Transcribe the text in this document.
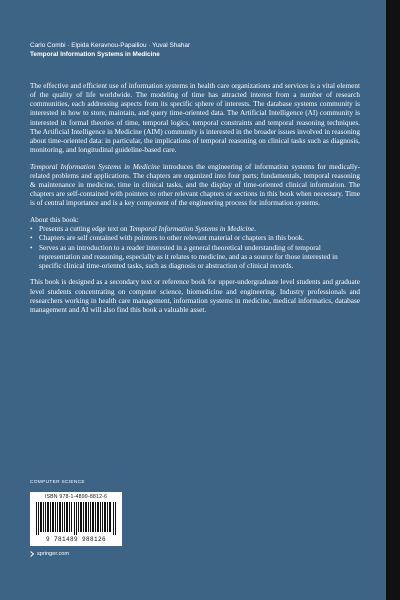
Carlo Combi · Elpida Keravnou-Papailiou · Yuval Shahar
Temporal Information Systems in Medicine

The effective and efficient use of information systems in health care organizations and services is a vital element of the quality of life worldwide. The modeling of time has attracted interest from a number of research communities, each addressing aspects from its specific sphere of interests. The database systems community is interested in how to store, maintain, and query time-oriented data. The Artificial Intelligence (AI) community is interested in formal theories of time, temporal logics, temporal constraints and temporal reasoning techniques. The Artificial Intelligence in Medicine (AIM) community is interested in the broader issues involved in reasoning about time-oriented data: in particular, the implications of temporal reasoning on clinical tasks such as diagnosis, monitoring, and longitudinal guideline-based care.

Temporal Information Systems in Medicine introduces the engineering of information systems for medically-related problems and applications. The chapters are organized into four parts; fundamentals, temporal reasoning & maintenance in medicine, time in clinical tasks, and the display of time-oriented clinical information. The chapters are self-contained with pointers to other relevant chapters or sections in this book when necessary. Time is of central importance and is a key component of the engineering process for information systems.

About this book:

• Presents a cutting edge text on Temporal Information Systems in Medicine.
• Chapters are self contained with pointers to other relevant material or chapters in this book.
• Serves as an introduction to a reader interested in a general theoretical understanding of temporal representation and reasoning, especially as it relates to medicine, and as a source for those interested in specific clinical time-oriented tasks, such as diagnosis or abstraction of clinical records.

This book is designed as a secondary text or reference book for upper-undergraduate level students and graduate level students concentrating on computer science, biomedicine and engineering. Industry professionals and researchers working in health care management, information systems in medicine, medical informatics, database management and AI will also find this book a valuable asset.

COMPUTER SCIENCE
ISBN 978-1-4899-8812-6
9 781489 988126
springer.com
